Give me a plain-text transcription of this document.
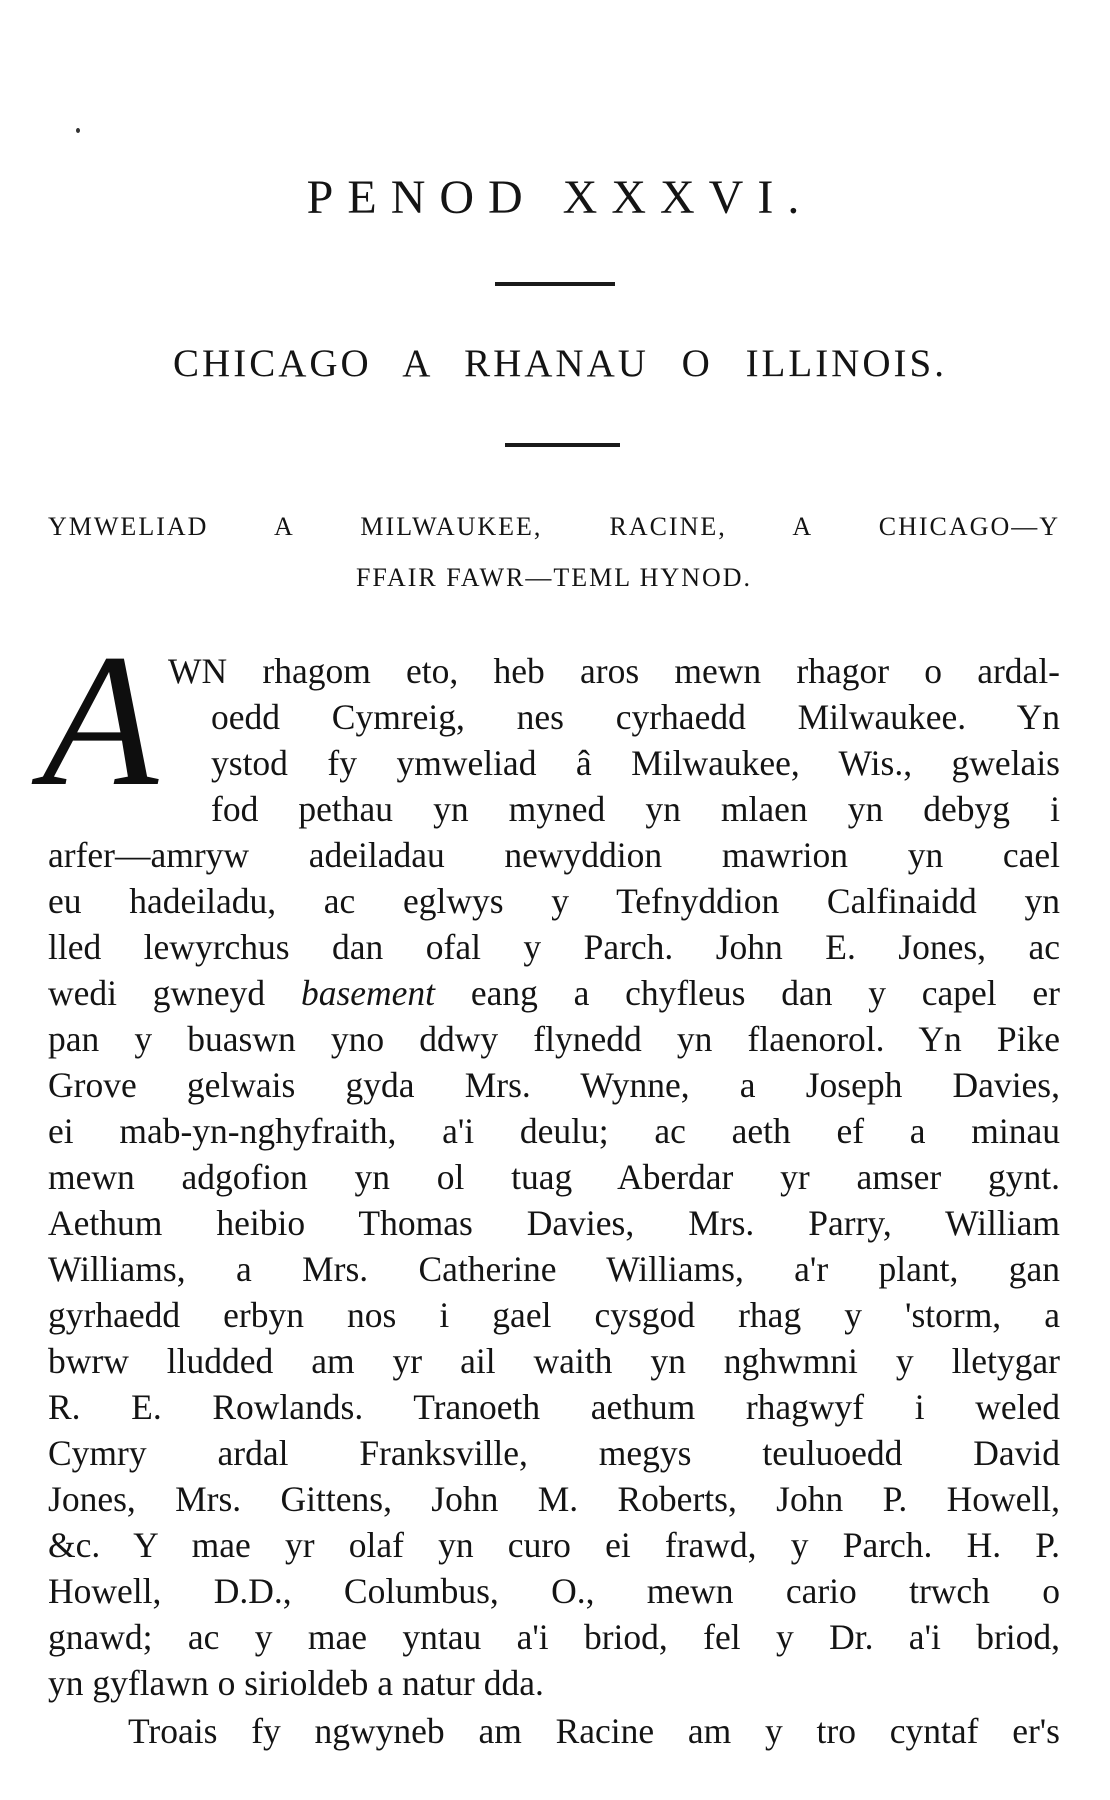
PENOD XXXVI.
CHICAGO A RHANAU O ILLINOIS.

YMWELIAD A MILWAUKEE, RACINE, A CHICAGO—Y

FFAIR FAWR—TEML HYNOD.

A WN rhagom eto, heb aros mewn rhagor o ardal-
oedd Cymreig, nes cyrhaedd Milwaukee. Yn
ystod fy ymweliad â Milwaukee, Wis., gwelais
fod pethau yn myned yn mlaen yn debyg i
arfer—amryw adeiladau newyddion mawrion yn cael
eu hadeiladu, ac eglwys y Tefnyddion Calfinaidd yn
lled lewyrchus dan ofal y Parch. John E. Jones, ac
wedi gwneyd basement eang a chyfleus dan y capel er
pan y buaswn yno ddwy flynedd yn flaenorol. Yn Pike
Grove gelwais gyda Mrs. Wynne, a Joseph Davies,
ei mab-yn-nghyfraith, a'i deulu; ac aeth ef a minau
mewn adgofion yn ol tuag Aberdar yr amser gynt.
Aethum heibio Thomas Davies, Mrs. Parry, William
Williams, a Mrs. Catherine Williams, a'r plant, gan
gyrhaedd erbyn nos i gael cysgod rhag y 'storm, a
bwrw lludded am yr ail waith yn nghwmni y lletygar
R. E. Rowlands. Tranoeth aethum rhagwyf i weled
Cymry ardal Franksville, megys teuluoedd David
Jones, Mrs. Gittens, John M. Roberts, John P. Howell,
&c. Y mae yr olaf yn curo ei frawd, y Parch. H. P.
Howell, D.D., Columbus, O., mewn cario trwch o
gnawd; ac y mae yntau a'i briod, fel y Dr. a'i briod,
yn gyflawn o sirioldeb a natur dda.
Troais fy ngwyneb am Racine am y tro cyntaf er's
